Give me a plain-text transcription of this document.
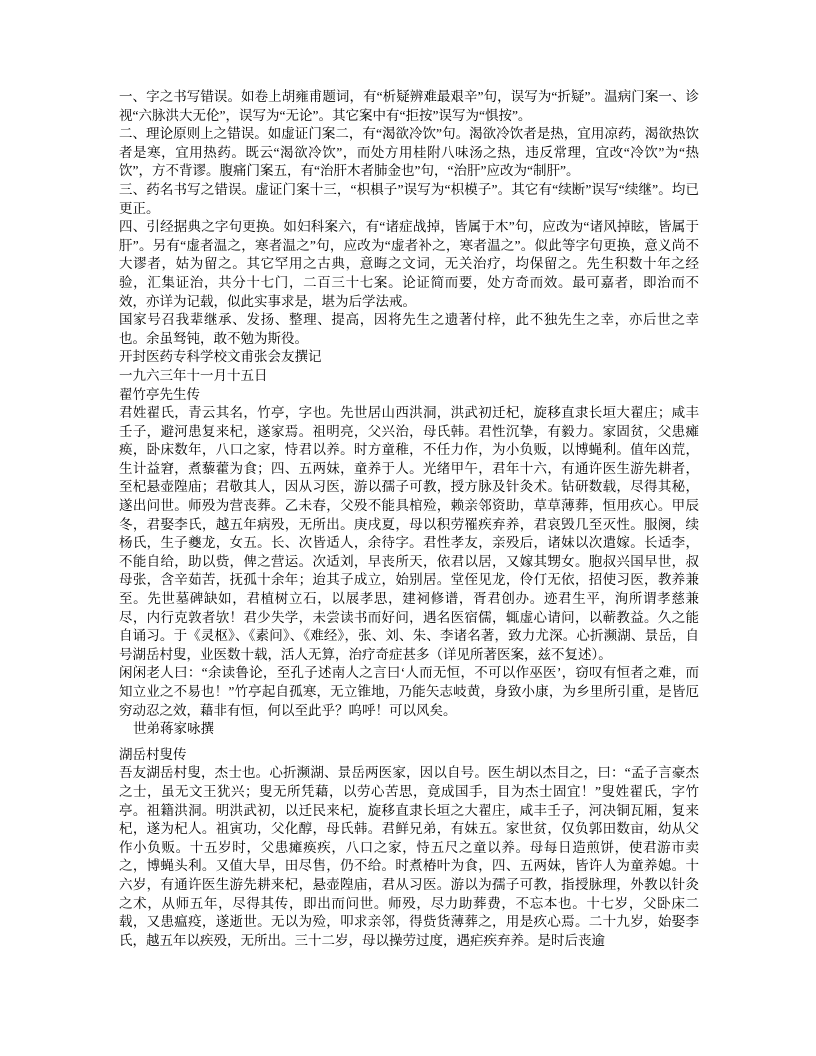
一、字之书写错误。如卷上胡雍甫题词，有“析疑辨难最艰辛”句，误写为“折疑”。温病门案一、诊视“六脉洪大无伦”，误写为“无论”。其它案中有“拒按”误写为“惧按”。

二、理论原则上之错误。如虚证门案二，有“渴欲冷饮”句。渴欲冷饮者是热，宜用凉药，渴欲热饮者是寒，宜用热药。既云“渴欲冷饮”，而处方用桂附八味汤之热，违反常理，宜改“冷饮”为“热饮”，方不背谬。腹痛门案五，有“治肝木者肺金也”句，“治肝”应改为“制肝”。

三、药名书写之错误。虚证门案十三，“枳椇子”误写为“枳模子”。其它有“续断”误写“续继”。均已更正。

四、引经据典之字句更换。如妇科案六，有“诸症战掉，皆属于木”句，应改为“诸风掉眩，皆属于肝”。另有“虚者温之，寒者温之”句，应改为“虚者补之，寒者温之”。似此等字句更换，意义尚不大谬者，姑为留之。其它罕用之古典，意晦之文词，无关治疗，均保留之。先生积数十年之经验，汇集证治，共分十七门，二百三十七案。论证简而要，处方奇而效。最可嘉者，即治而不效，亦详为记载，似此实事求是，堪为后学法戒。

国家号召我辈继承、发扬、整理、提高，因将先生之遗著付梓，此不独先生之幸，亦后世之幸也。余虽驽钝，敢不勉为斯役。

开封医药专科学校文甫张会友撰记

一九六三年十一月十五日

翟竹亭先生传

君姓翟氏，青云其名，竹亭，字也。先世居山西洪洞，洪武初迁杞，旋移直隶长垣大翟庄；咸丰壬子，避河患复来杞，遂家焉。祖明亮，父兴治，母氏韩。君性沉挚，有毅力。家固贫，父患瘫痪，卧床数年，八口之家，恃君以养。时方童稚，不任力作，为小负贩，以博蝇利。值年凶荒，生计益窘，煮藜藿为食；四、五两妹，童养于人。光绪甲午，君年十六，有通许医生游先耕者，至杞悬壶隍庙；君敬其人，因从习医，游以孺子可教，授方脉及针灸术。钻研数载，尽得其秘，遂出问世。师殁为营丧葬。乙未春，父殁不能具棺殓，赖亲邻资助，草草薄葬，恒用疚心。甲辰冬，君娶李氏，越五年病殁，无所出。庚戌夏，母以积劳罹疾弃养，君哀毁几至灭性。服阕，续杨氏，生子夔龙，女五。长、次皆适人，余待字。君性孝友，亲殁后，诸妹以次遣嫁。长适李，不能自给，助以赀，俾之营运。次适刘，早丧所天，依君以居，又嫁其甥女。胞叔兴国早世，叔母张，含辛茹苦，抚孤十余年；迨其子成立，始别居。堂侄见龙，伶仃无依，招使习医，教养兼至。先世墓碑缺如，君植树立石，以展孝思，建祠修谱，胥君创办。迹君生平，洵所谓孝慈兼尽，内行克敦者欤！君少失学，未尝读书而好问，遇名医宿儒，辄虚心请问，以蕲教益。久之能自诵习。于《灵枢》、《素问》、《难经》，张、刘、朱、李诸名著，致力尤深。心折濒湖、景岳，自号湖岳村叟，业医数十载，活人无算，治疗奇症甚多（详见所著医案，兹不复述）。

闲闲老人曰：“余读鲁论，至孔子述南人之言曰‘人而无恒，不可以作巫医’，窃叹有恒者之难，而知立业之不易也！”竹亭起自孤寒，无立锥地，乃能矢志岐黄，身致小康，为乡里所引重，是皆厄穷动忍之效，藉非有恒，何以至此乎？呜呼！可以风矣。

世弟蒋家咏撰

湖岳村叟传

吾友湖岳村叟，杰士也。心折濒湖、景岳两医家，因以自号。医生胡以杰目之，曰：“孟子言豪杰之士，虽无文王犹兴；叟无所凭藉，以劳心苦思，竟成国手，目为杰士固宜！”叟姓翟氏，字竹亭。祖籍洪洞。明洪武初，以迁民来杞，旋移直隶长垣之大翟庄，咸丰壬子，河决铜瓦厢，复来杞，遂为杞人。祖寅功，父化醇，母氏韩。君鲜兄弟，有妹五。家世贫，仅负郭田数亩，幼从父作小负贩。十五岁时，父患瘫痪疾，八口之家，恃五尺之童以养。母每日造煎饼，使君游市卖之，博蝇头利。又值大旱，田尽售，仍不给。时煮椿叶为食，四、五两妹，皆许人为童养媳。十六岁，有通许医生游先耕来杞，悬壶隍庙，君从习医。游以为孺子可教，指授脉理，外教以针灸之术，从师五年，尽得其传，即出而问世。师殁，尽力助葬费，不忘本也。十七岁，父卧床二载，又患瘟疫，遂逝世。无以为殓，叩求亲邻，得赀货薄葬之，用是疚心焉。二十九岁，始娶李氏，越五年以疾殁，无所出。三十二岁，母以操劳过度，遇疟疾弃养。是时后丧逾
